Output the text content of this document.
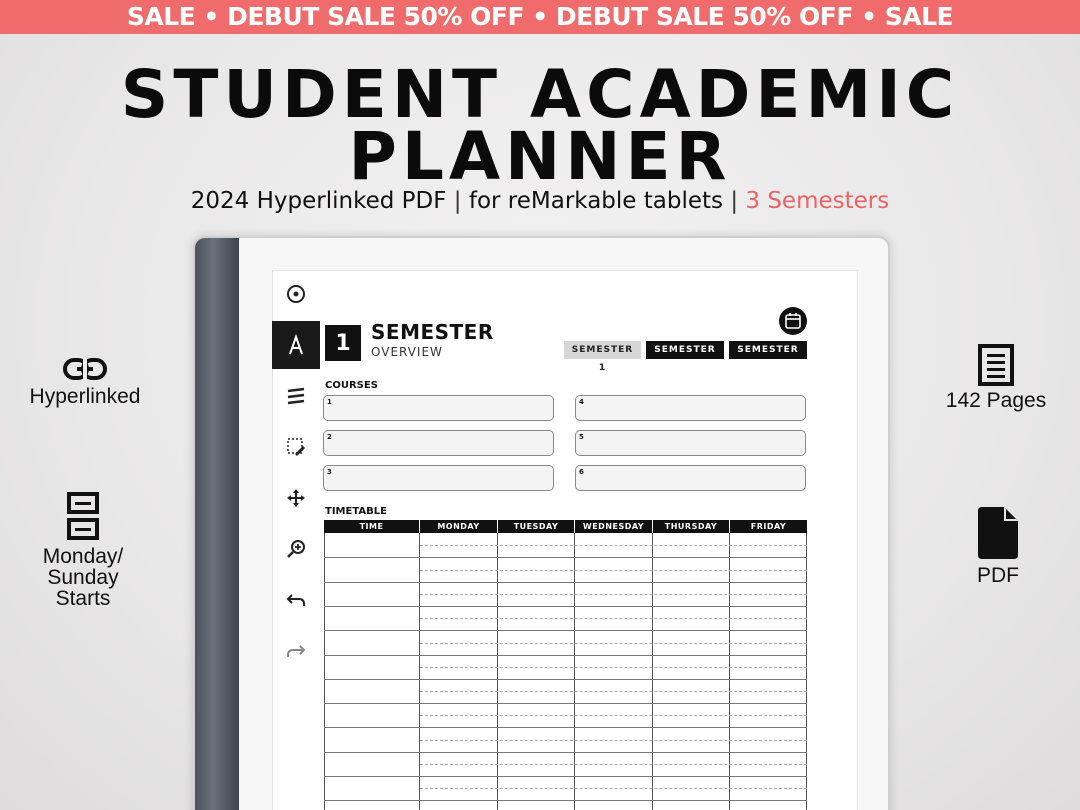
SALE • DEBUT SALE 50% OFF • DEBUT SALE 50% OFF • SALE
STUDENT ACADEMIC
PLANNER
2024 Hyperlinked PDF | for reMarkable tablets | 3 Semesters
Hyperlinked
Monday/
Sunday
Starts
142 Pages
PDF
1	SEMESTER
OVERVIEW	SEMESTER 1
SEMESTER 2
SEMESTER 3
COURSES
1
2
3
4
5
6
TIMETABLE
TIME	MONDAY	TUESDAY	WEDNESDAY	THURSDAY	FRIDAY
